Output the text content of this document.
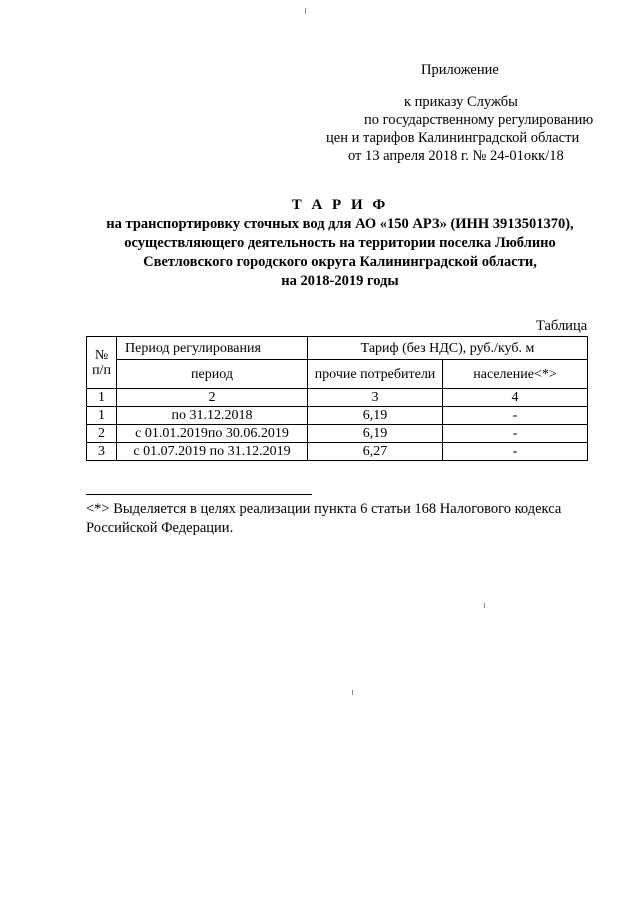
Приложение
к приказу Службы
по государственному регулированию
цен и тарифов Калининградской области
от 13 апреля 2018 г. № 24-01окк/18
Т А Р И Ф
на транспортировку сточных вод для АО «150 АРЗ» (ИНН 3913501370),
осуществляющего деятельность на территории поселка Люблино
Светловского городского округа Калининградской области,
на 2018-2019 годы
Таблица
№ п/п	Период регулирования	Тариф (без НДС), руб./куб. м	
	период	прочие потребители	население<*>
1	2	3	4
1	по 31.12.2018	6,19	-
2	с 01.01.2019по 30.06.2019	6,19	-
3	с 01.07.2019 по 31.12.2019	6,27	-
<*> Выделяется в целях реализации пункта 6 статьи 168 Налогового кодекса Российской Федерации.
